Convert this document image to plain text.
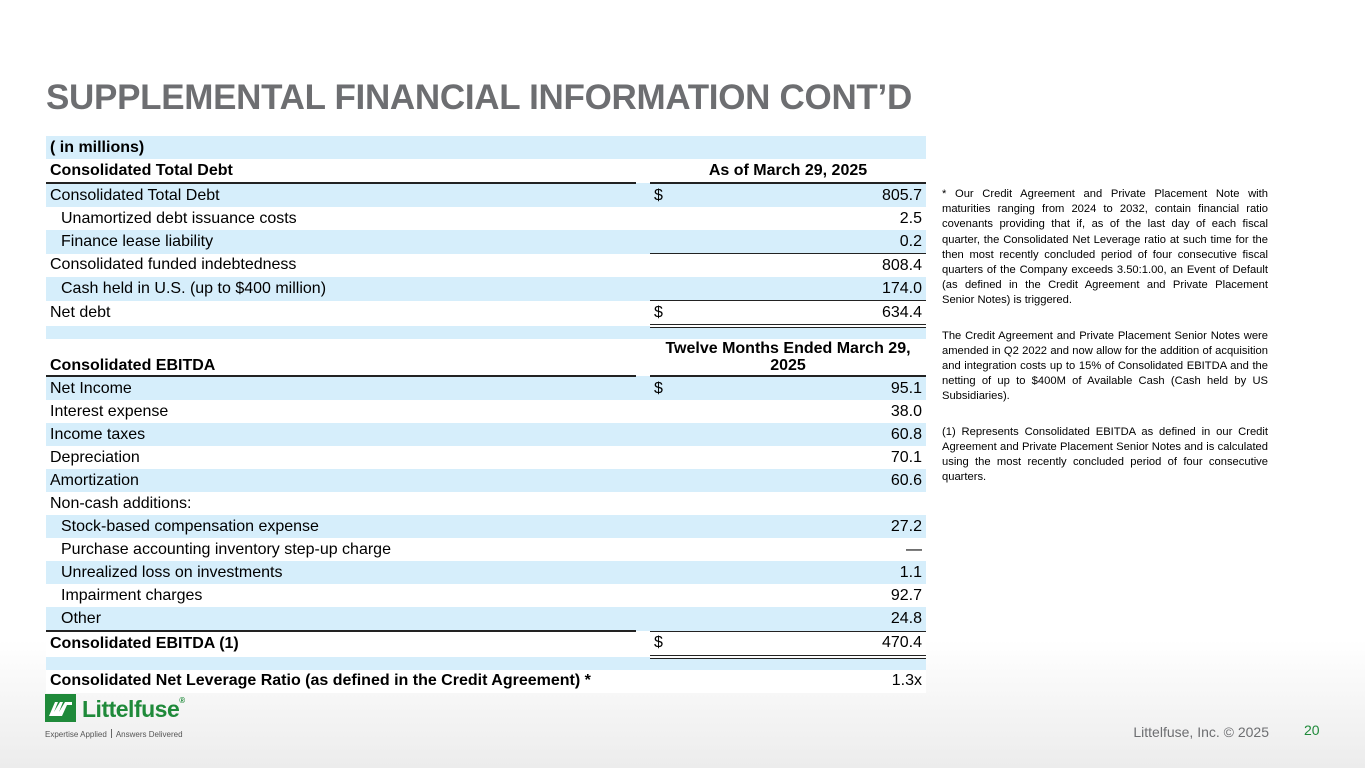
SUPPLEMENTAL FINANCIAL INFORMATION CONT’D
( in millions)			
Consolidated Total Debt		As of March 29, 2025	
Consolidated Total Debt		$	805.7
Unamortized debt issuance costs			2.5
Finance lease liability			0.2
Consolidated funded indebtedness			808.4
Cash held in U.S. (up to $400 million)			174.0
Net debt		$	634.4

Consolidated EBITDA		Twelve Months Ended March 29, 2025	
Net Income		$	95.1
Interest expense			38.0
Income taxes			60.8
Depreciation			70.1
Amortization			60.6
Non-cash additions:			
Stock-based compensation expense			27.2
Purchase accounting inventory step-up charge			—
Unrealized loss on investments			1.1
Impairment charges			92.7
Other			24.8
Consolidated EBITDA (1)		$	470.4

Consolidated Net Leverage Ratio (as defined in the Credit Agreement) *			1.3x

* Our Credit Agreement and Private Placement Note with maturities ranging from 2024 to 2032, contain financial ratio covenants providing that if, as of the last day of each fiscal quarter, the Consolidated Net Leverage ratio at such time for the then most recently concluded period of four consecutive fiscal quarters of the Company exceeds 3.50:1.00, an Event of Default (as defined in the Credit Agreement and Private Placement Senior Notes) is triggered.

The Credit Agreement and Private Placement Senior Notes were amended in Q2 2022 and now allow for the addition of acquisition and integration costs up to 15% of Consolidated EBITDA and the netting of up to $400M of Available Cash (Cash held by US Subsidiaries).

(1) Represents Consolidated EBITDA as defined in our Credit Agreement and Private Placement Senior Notes and is calculated using the most recently concluded period of four consecutive quarters.

Littelfuse®
Expertise Applied Answers Delivered	Littelfuse, Inc. © 2025	20
